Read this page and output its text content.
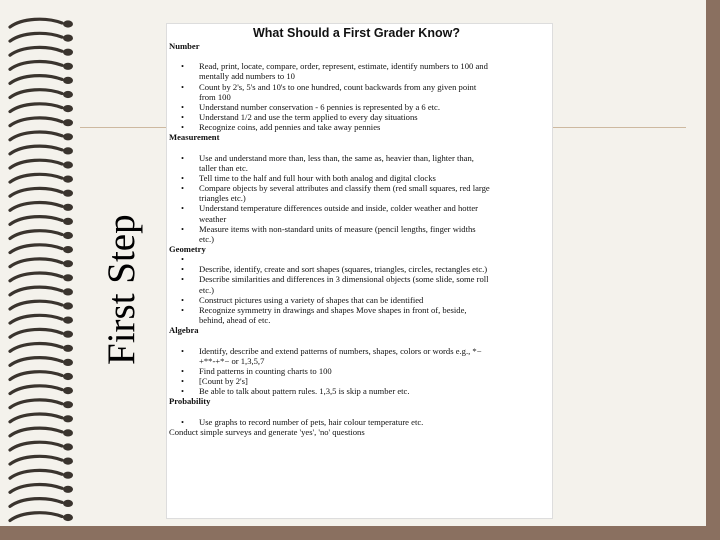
First Step
What Should a First Grader Know?
Number
• Read, print, locate, compare, order, represent, estimate, identify numbers to 100 and
mentally add numbers to 10
• Count by 2's, 5's and 10's to one hundred, count backwards from any given point
from 100
• Understand number conservation - 6 pennies is represented by a 6 etc.
• Understand 1/2 and use the term applied to every day situations
• Recognize coins, add pennies and take away pennies
Measurement
• Use and understand more than, less than, the same as, heavier than, lighter than,
taller than etc.
• Tell time to the half and full hour with both analog and digital clocks
• Compare objects by several attributes and classify them (red small squares, red large
triangles etc.)
• Understand temperature differences outside and inside, colder weather and hotter
weather
• Measure items with non-standard units of measure (pencil lengths, finger widths
etc.)
Geometry
•
• Describe, identify, create and sort shapes (squares, triangles, circles, rectangles etc.)
• Describe similarities and differences in 3 dimensional objects (some slide, some roll
etc.)
• Construct pictures using a variety of shapes that can be identified
• Recognize symmetry in drawings and shapes Move shapes in front of, beside,
behind, ahead of etc.
Algebra
• Identify, describe and extend patterns of numbers, shapes, colors or words e.g., *−
+**-+*− or 1,3,5,7
• Find patterns in counting charts to 100
• [Count by 2's]
• Be able to talk about pattern rules. 1,3,5 is skip a number etc.
Probability
• Use graphs to record number of pets, hair colour temperature etc.
Conduct simple surveys and generate 'yes', 'no' questions
